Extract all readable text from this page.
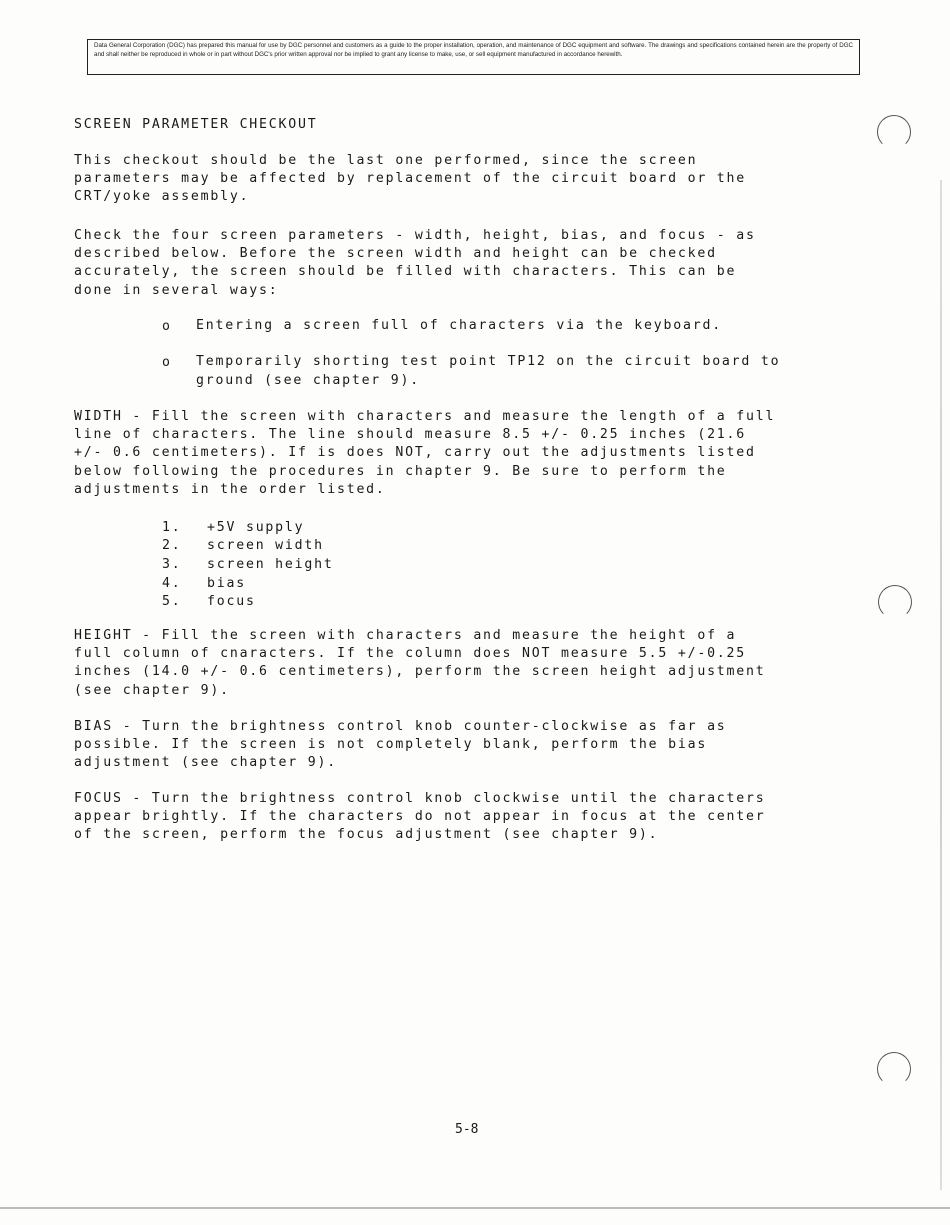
Data General Corporation (DGC) has prepared this manual for use by DGC personnel and customers as a guide to the proper installation, operation, and maintenance of DGC equipment and software. The drawings and specifications contained herein are the property of DGC and shall neither be reproduced in whole or in part without DGC's prior written approval nor be implied to grant any license to make, use, or sell equipment manufactured in accordance herewith.

SCREEN PARAMETER CHECKOUT

This checkout should be the last one performed, since the screen
parameters may be affected by replacement of the circuit board or the
CRT/yoke assembly.

Check the four screen parameters - width, height, bias, and focus - as
described below. Before the screen width and height can be checked
accurately, the screen should be filled with characters. This can be
done in several ways:

o Entering a screen full of characters via the keyboard.
o Temporarily shorting test point TP12 on the circuit board to
ground (see chapter 9).

WIDTH - Fill the screen with characters and measure the length of a full
line of characters. The line should measure 8.5 +/- 0.25 inches (21.6
+/- 0.6 centimeters). If is does NOT, carry out the adjustments listed
below following the procedures in chapter 9. Be sure to perform the
adjustments in the order listed.

1. +5V supply
2. screen width
3. screen height
4. bias
5. focus

HEIGHT - Fill the screen with characters and measure the height of a
full column of cnaracters. If the column does NOT measure 5.5 +/-0.25
inches (14.0 +/- 0.6 centimeters), perform the screen height adjustment
(see chapter 9).

BIAS - Turn the brightness control knob counter-clockwise as far as
possible. If the screen is not completely blank, perform the bias
adjustment (see chapter 9).

FOCUS - Turn the brightness control knob clockwise until the characters
appear brightly. If the characters do not appear in focus at the center
of the screen, perform the focus adjustment (see chapter 9).

5-8
